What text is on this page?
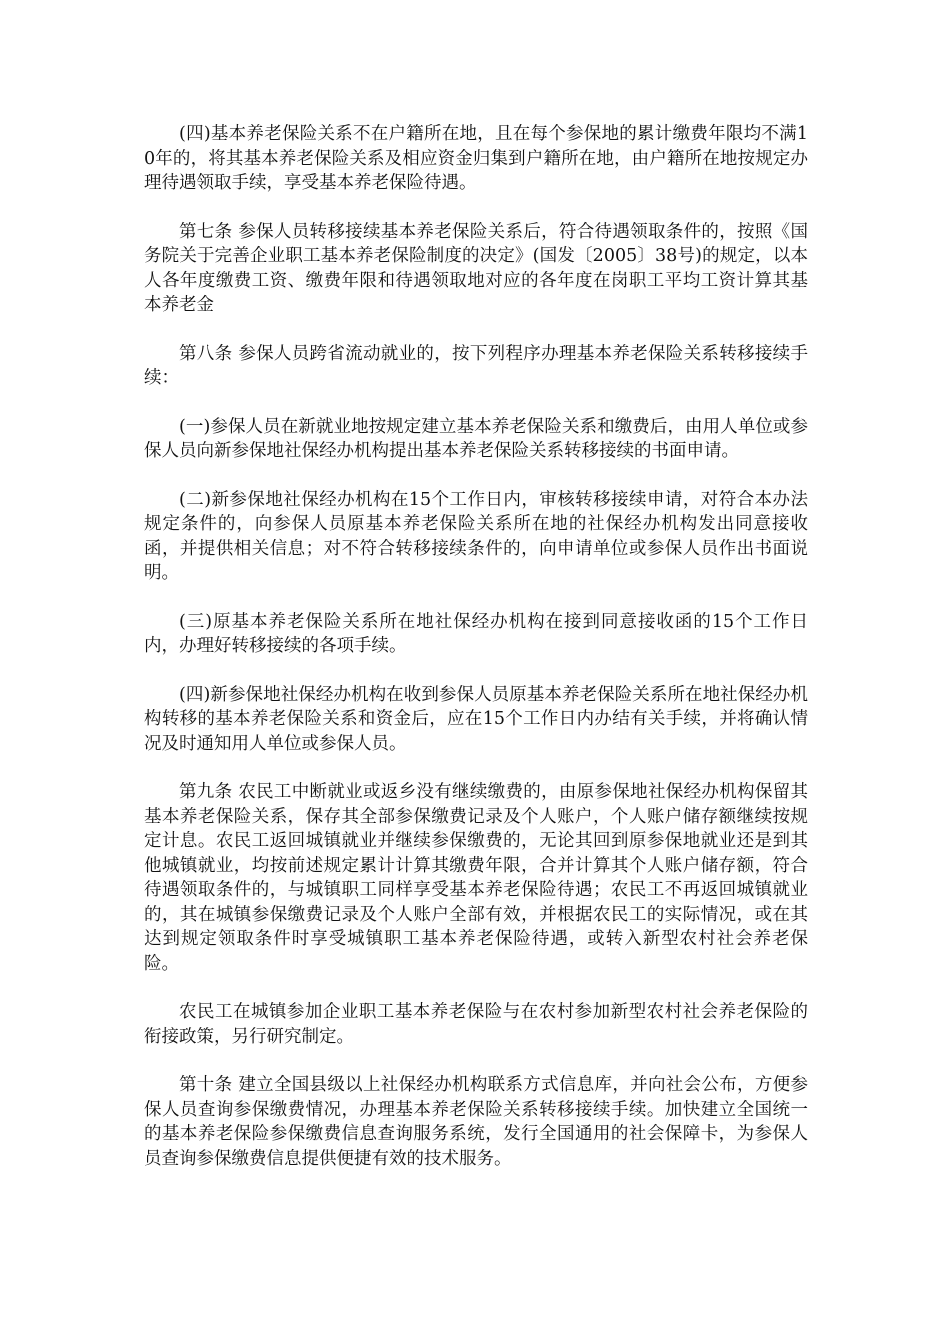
(四)基本养老保险关系不在户籍所在地，且在每个参保地的累计缴费年限均不满10年的，将其基本养老保险关系及相应资金归集到户籍所在地，由户籍所在地按规定办理待遇领取手续，享受基本养老保险待遇。

第七条 参保人员转移接续基本养老保险关系后，符合待遇领取条件的，按照《国务院关于完善企业职工基本养老保险制度的决定》(国发〔2005〕38号)的规定，以本人各年度缴费工资、缴费年限和待遇领取地对应的各年度在岗职工平均工资计算其基本养老金

第八条 参保人员跨省流动就业的，按下列程序办理基本养老保险关系转移接续手续：

(一)参保人员在新就业地按规定建立基本养老保险关系和缴费后，由用人单位或参保人员向新参保地社保经办机构提出基本养老保险关系转移接续的书面申请。

(二)新参保地社保经办机构在15个工作日内，审核转移接续申请，对符合本办法规定条件的，向参保人员原基本养老保险关系所在地的社保经办机构发出同意接收函，并提供相关信息；对不符合转移接续条件的，向申请单位或参保人员作出书面说明。

(三)原基本养老保险关系所在地社保经办机构在接到同意接收函的15个工作日内，办理好转移接续的各项手续。

(四)新参保地社保经办机构在收到参保人员原基本养老保险关系所在地社保经办机构转移的基本养老保险关系和资金后，应在15个工作日内办结有关手续，并将确认情况及时通知用人单位或参保人员。

第九条 农民工中断就业或返乡没有继续缴费的，由原参保地社保经办机构保留其基本养老保险关系，保存其全部参保缴费记录及个人账户，个人账户储存额继续按规定计息。农民工返回城镇就业并继续参保缴费的，无论其回到原参保地就业还是到其他城镇就业，均按前述规定累计计算其缴费年限，合并计算其个人账户储存额，符合待遇领取条件的，与城镇职工同样享受基本养老保险待遇；农民工不再返回城镇就业的，其在城镇参保缴费记录及个人账户全部有效，并根据农民工的实际情况，或在其达到规定领取条件时享受城镇职工基本养老保险待遇，或转入新型农村社会养老保险。

农民工在城镇参加企业职工基本养老保险与在农村参加新型农村社会养老保险的衔接政策，另行研究制定。

第十条 建立全国县级以上社保经办机构联系方式信息库，并向社会公布，方便参保人员查询参保缴费情况，办理基本养老保险关系转移接续手续。加快建立全国统一的基本养老保险参保缴费信息查询服务系统，发行全国通用的社会保障卡，为参保人员查询参保缴费信息提供便捷有效的技术服务。
